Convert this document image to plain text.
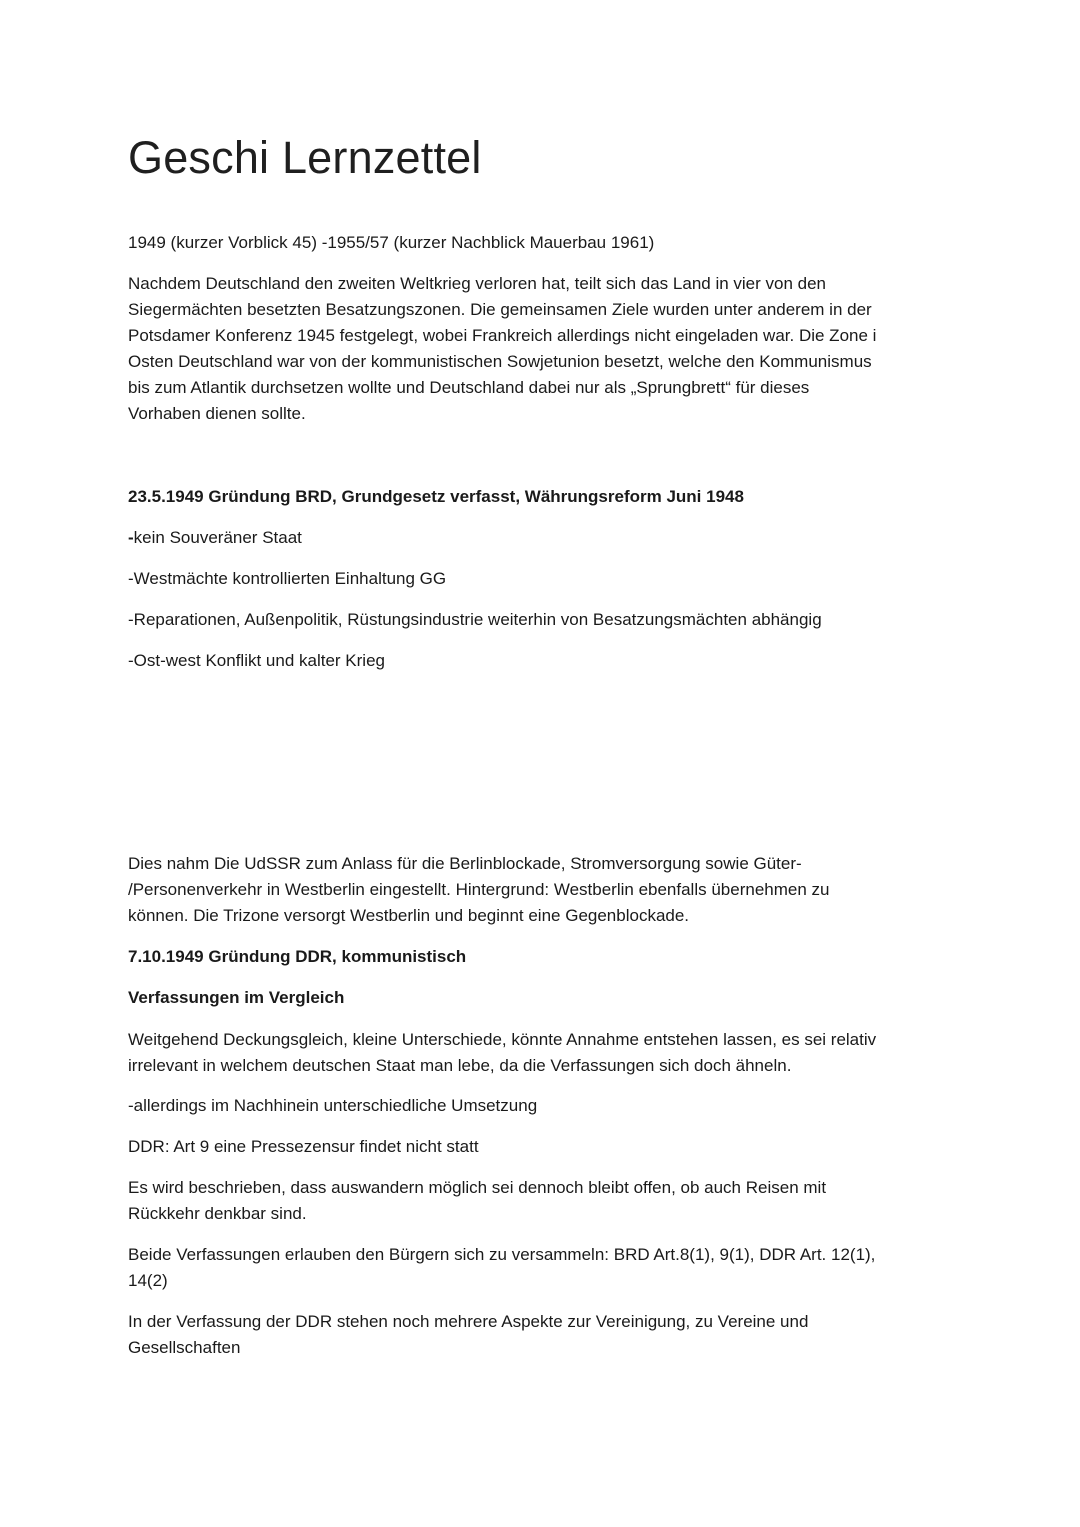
Geschi Lernzettel

1949 (kurzer Vorblick 45) -1955/57 (kurzer Nachblick Mauerbau 1961)

Nachdem Deutschland den zweiten Weltkrieg verloren hat, teilt sich das Land in vier von den
Siegermächten besetzten Besatzungszonen. Die gemeinsamen Ziele wurden unter anderem in der
Potsdamer Konferenz 1945 festgelegt, wobei Frankreich allerdings nicht eingeladen war. Die Zone i
Osten Deutschland war von der kommunistischen Sowjetunion besetzt, welche den Kommunismus
bis zum Atlantik durchsetzen wollte und Deutschland dabei nur als „Sprungbrett“ für dieses
Vorhaben dienen sollte.

23.5.1949 Gründung BRD, Grundgesetz verfasst, Währungsreform Juni 1948

-kein Souveräner Staat

-Westmächte kontrollierten Einhaltung GG

-Reparationen, Außenpolitik, Rüstungsindustrie weiterhin von Besatzungsmächten abhängig

-Ost-west Konflikt und kalter Krieg

Dies nahm Die UdSSR zum Anlass für die Berlinblockade, Stromversorgung sowie Güter-
/Personenverkehr in Westberlin eingestellt. Hintergrund: Westberlin ebenfalls übernehmen zu
können. Die Trizone versorgt Westberlin und beginnt eine Gegenblockade.

7.10.1949 Gründung DDR, kommunistisch

Verfassungen im Vergleich

Weitgehend Deckungsgleich, kleine Unterschiede, könnte Annahme entstehen lassen, es sei relativ
irrelevant in welchem deutschen Staat man lebe, da die Verfassungen sich doch ähneln.

-allerdings im Nachhinein unterschiedliche Umsetzung

DDR: Art 9 eine Pressezensur findet nicht statt

Es wird beschrieben, dass auswandern möglich sei dennoch bleibt offen, ob auch Reisen mit
Rückkehr denkbar sind.

Beide Verfassungen erlauben den Bürgern sich zu versammeln: BRD Art.8(1), 9(1), DDR Art. 12(1),
14(2)

In der Verfassung der DDR stehen noch mehrere Aspekte zur Vereinigung, zu Vereine und
Gesellschaften
